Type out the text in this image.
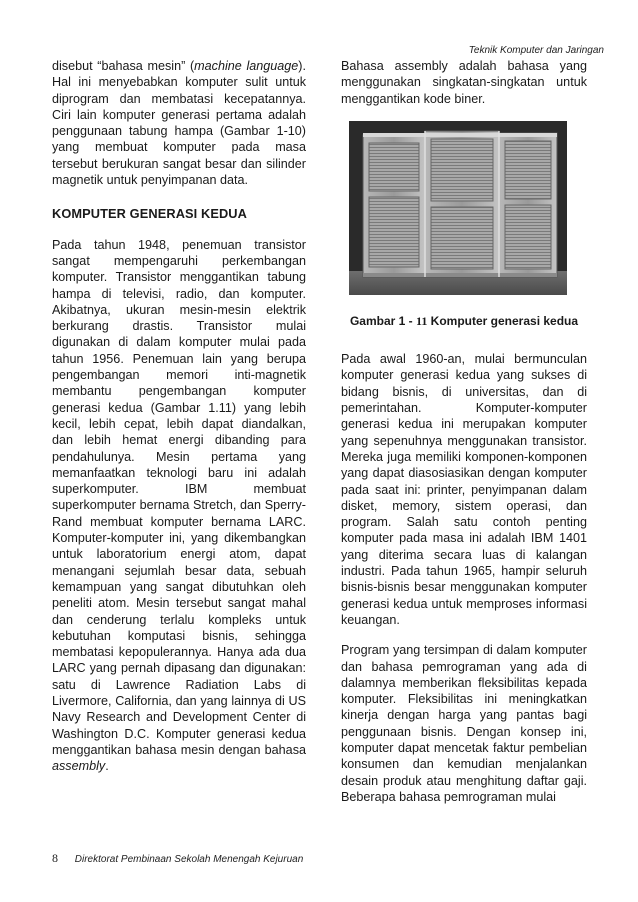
Teknik Komputer dan Jaringan

disebut “bahasa mesin” (machine language). Hal ini menyebabkan komputer sulit untuk diprogram dan membatasi kecepatannya. Ciri lain komputer generasi pertama adalah penggunaan tabung hampa (Gambar 1-10) yang membuat komputer pada masa tersebut berukuran sangat besar dan silinder magnetik untuk penyimpanan data.

KOMPUTER GENERASI KEDUA

Pada tahun 1948, penemuan transistor sangat mempengaruhi perkembangan komputer. Transistor menggantikan tabung hampa di televisi, radio, dan komputer. Akibatnya, ukuran mesin-mesin elektrik berkurang drastis. Transistor mulai digunakan di dalam komputer mulai pada tahun 1956. Penemuan lain yang berupa pengembangan memori inti-magnetik membantu pengembangan komputer generasi kedua (Gambar 1.11) yang lebih kecil, lebih cepat, lebih dapat diandalkan, dan lebih hemat energi dibanding para pendahulunya. Mesin pertama yang memanfaatkan teknologi baru ini adalah superkomputer. IBM membuat superkomputer bernama Stretch, dan Sperry-Rand membuat komputer bernama LARC. Komputer-komputer ini, yang dikembangkan untuk laboratorium energi atom, dapat menangani sejumlah besar data, sebuah kemampuan yang sangat dibutuhkan oleh peneliti atom. Mesin tersebut sangat mahal dan cenderung terlalu kompleks untuk kebutuhan komputasi bisnis, sehingga membatasi kepopulerannya. Hanya ada dua LARC yang pernah dipasang dan digunakan: satu di Lawrence Radiation Labs di Livermore, California, dan yang lainnya di US Navy Research and Development Center di Washington D.C. Komputer generasi kedua menggantikan bahasa mesin dengan bahasa assembly.

Bahasa assembly adalah bahasa yang menggunakan singkatan-singkatan untuk menggantikan kode biner.

Gambar 1 - 11 Komputer generasi kedua

Pada awal 1960-an, mulai bermunculan komputer generasi kedua yang sukses di bidang bisnis, di universitas, dan di pemerintahan. Komputer-komputer generasi kedua ini merupakan komputer yang sepenuhnya menggunakan transistor. Mereka juga memiliki komponen-komponen yang dapat diasosiasikan dengan komputer pada saat ini: printer, penyimpanan dalam disket, memory, sistem operasi, dan program. Salah satu contoh penting komputer pada masa ini adalah IBM 1401 yang diterima secara luas di kalangan industri. Pada tahun 1965, hampir seluruh bisnis-bisnis besar menggunakan komputer generasi kedua untuk memproses informasi keuangan.

Program yang tersimpan di dalam komputer dan bahasa pemrograman yang ada di dalamnya memberikan fleksibilitas kepada komputer. Fleksibilitas ini meningkatkan kinerja dengan harga yang pantas bagi penggunaan bisnis. Dengan konsep ini, komputer dapat mencetak faktur pembelian konsumen dan kemudian menjalankan desain produk atau menghitung daftar gaji. Beberapa bahasa pemrograman mulai

8 Direktorat Pembinaan Sekolah Menengah Kejuruan
